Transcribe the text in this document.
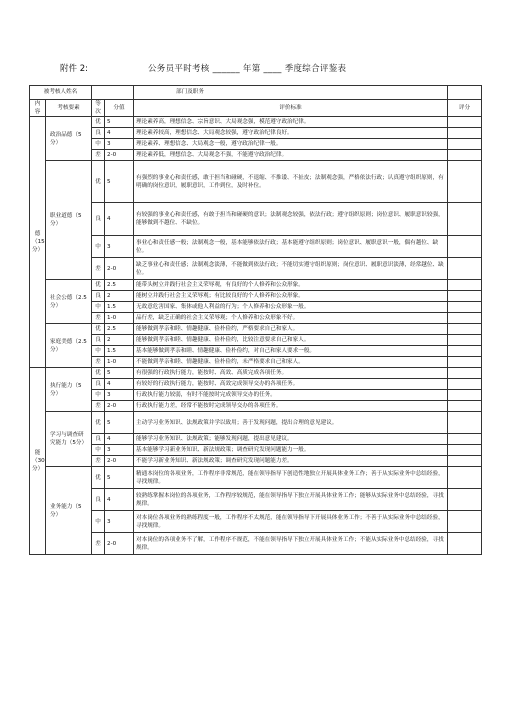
附件 2:	公务员平时考核 ______ 年第 ____ 季度综合评鉴表
被考核人姓名				部门及职务	
内容	考核要素	等次	分值	评价标准	评分
德（15分）	政治品德（5分）	优	5	理论素养高，理想信念、宗旨意识、大局观念强，模范遵守政治纪律。	
		良	4	理论素养较高，理想信念、大局观念较强，遵守政治纪律良好。	
		中	3	理论素养、理想信念、大局观念一般，遵守政治纪律一般。	
		差	2-0	理论素养低，理想信念、大局观念不强，不能遵守政治纪律。	
	职业道德（5分）	优	5	有强烈的事业心和责任感，敢于担当和碰硬，不退缩、不推诿、不扯皮；法制观念强，严格依法行政；认真遵守组织原则，有明确的岗位意识，履职意识，工作到位，及时补位。	
		良	4	有较强的事业心和责任感，有敢于担当和碰硬的意识；法制观念较强，依法行政；遵守组织原则；岗位意识、履职意识较强，能够做到不越位、不缺位。	
		中	3	事业心和责任感一般；法制观念一般，基本能够依法行政；基本能遵守组织原则；岗位意识、履职意识一般，偶有越位、缺位。	
		差	2-0	缺乏事业心和责任感；法制观念淡薄，不能做到依法行政；不能切实遵守组织原则；岗位意识、履职意识淡薄，经常越位、缺位。	
	社会公德（2.5分）	优	2.5	能带头树立并践行社会主义荣辱观，有良好的个人修养和公众形象。	
		良	2	能树立并践行社会主义荣辱观；有比较良好的个人修养和公众形象。	
		中	1.5	无故意危害国家、集体或他人利益的行为；个人修养和公众形象一般。	
		差	1-0	品行差，缺乏正确的社会主义荣辱观；个人修养和公众形象不好。	
	家庭美德（2.5分）	优	2.5	能够做到孝亲和睦、情趣健康、俭朴俭约，严格要求自己和家人。	
		良	2	能够做到孝亲和睦、情趣健康、俭朴俭约，比较注意要求自己和家人。	
		中	1.5	基本能够做到孝亲和睦、情趣健康、俭朴俭约，对自己和家人要求一般。	
		差	1-0	不能做到孝亲和睦、情趣健康、俭朴俭约，未严格要求自己和家人。	
能（30分）	执行能力（5分）	优	5	有很强的行政执行能力，能按时、高效、高质完成各项任务。	
		良	4	有较好的行政执行能力，能按时、高效完成领导交办的各项任务。	
		中	3	行政执行能力较弱，有时不能按时完成领导交办的任务。	
		差	2-0	行政执行能力差，经常不能按时完成领导交办的各项任务。	
	学习与调查研究能力（5分）	优	5	主动学习业务知识、法规政策并学以致用；善于发现问题，提出合理的意见建议。	
		良	4	能够学习业务知识、法规政策；能够发现问题，提出意见建议。	
		中	3	基本能够学习新业务知识、新法规政策；调查研究发现问题能力一般。	
		差	2-0	不能学习新业务知识、新法规政策；调查研究发现问题能力差。	
	业务能力（5分）	优	5	精通本岗位的各项业务，工作程序非常规范，能在领导指导下创造性地独立开展具体业务工作；善于从实际业务中总结经验，寻找规律。	
		良	4	较熟练掌握本岗位的各项业务，工作程序较规范，能在领导指导下独立开展具体业务工作；能够从实际业务中总结经验，寻找规律。	
		中	3	对本岗位各项业务的熟练程度一般，工作程序不太规范，能在领导指导下开展具体业务工作；不善于从实际业务中总结经验，寻找规律。	
		差	2-0	对本岗位的各项业务不了解，工作程序不规范，不能在领导指导下独立开展具体业务工作；不能从实际业务中总结经验，寻找规律。	
